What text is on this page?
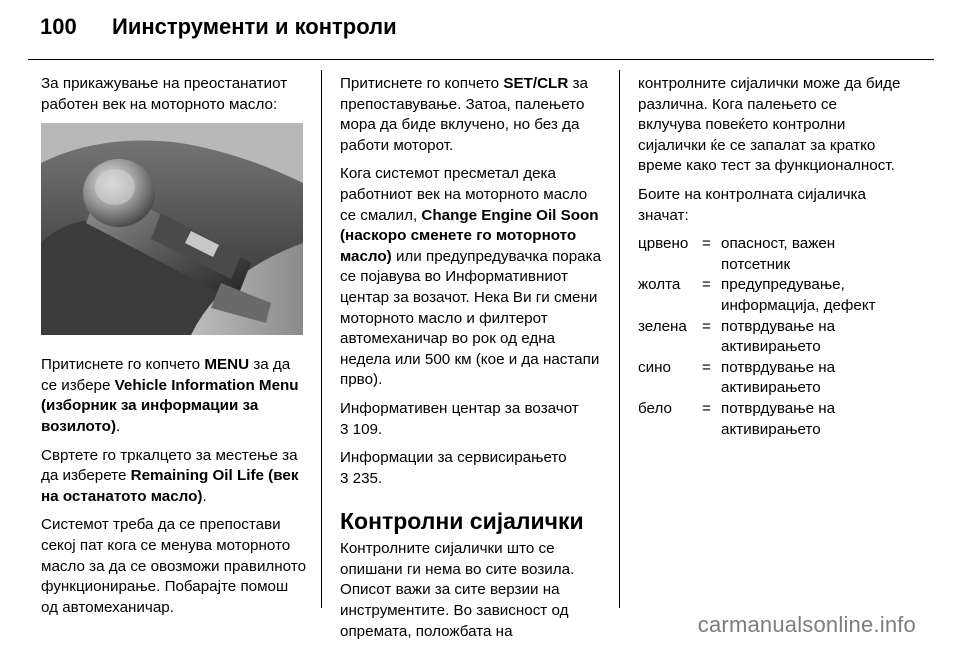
100	Иинструменти и контроли

За прикажување на преостанатиот работен век на моторното масло:

Притиснете го копчето MENU за да се избере Vehicle Information Menu (изборник за информации за возилото).

Свртете го тркалцето за местење за да изберете Remaining Oil Life (век на останатото масло).

Системот треба да се препостави секој пат кога се менува моторното масло за да се овозможи правилното функционирање. Побарајте помош од автомеханичар.

Притиснете го копчето SET/CLR за препоставување. Затоа, палењето мора да биде вклучено, но без да работи моторот.

Кога системот пресметал дека работниот век на моторното масло се смалил, Change Engine Oil Soon (наскоро сменете го моторното масло) или предупредувачка порака се појавува во Информативниот центар за возачот. Нека Ви ги смени моторното масло и филтерот автомеханичар во рок од една недела или 500 км (кое и да настапи прво).

Информативен центар за возачот
3 109.

Информации за сервисирањето
3 235.

Контролни сијалички

Контролните сијалички што се опишани ги нема во сите возила. Описот важи за сите верзии на инструментите. Во зависност од опремата, положбата на

контролните сијалички може да биде различна. Кога палењето се вклучува повеќето контролни сијалички ќе се запалат за кратко време како тест за функционалност.

Боите на контролната сијаличка значат:

црвено	=	опасност, важен потсетник
жолта	=	предупредување, информација, дефект
зелена	=	потврдување на активирањето
сино	=	потврдување на активирањето
бело	=	потврдување на активирањето
carmanualsonline.info
